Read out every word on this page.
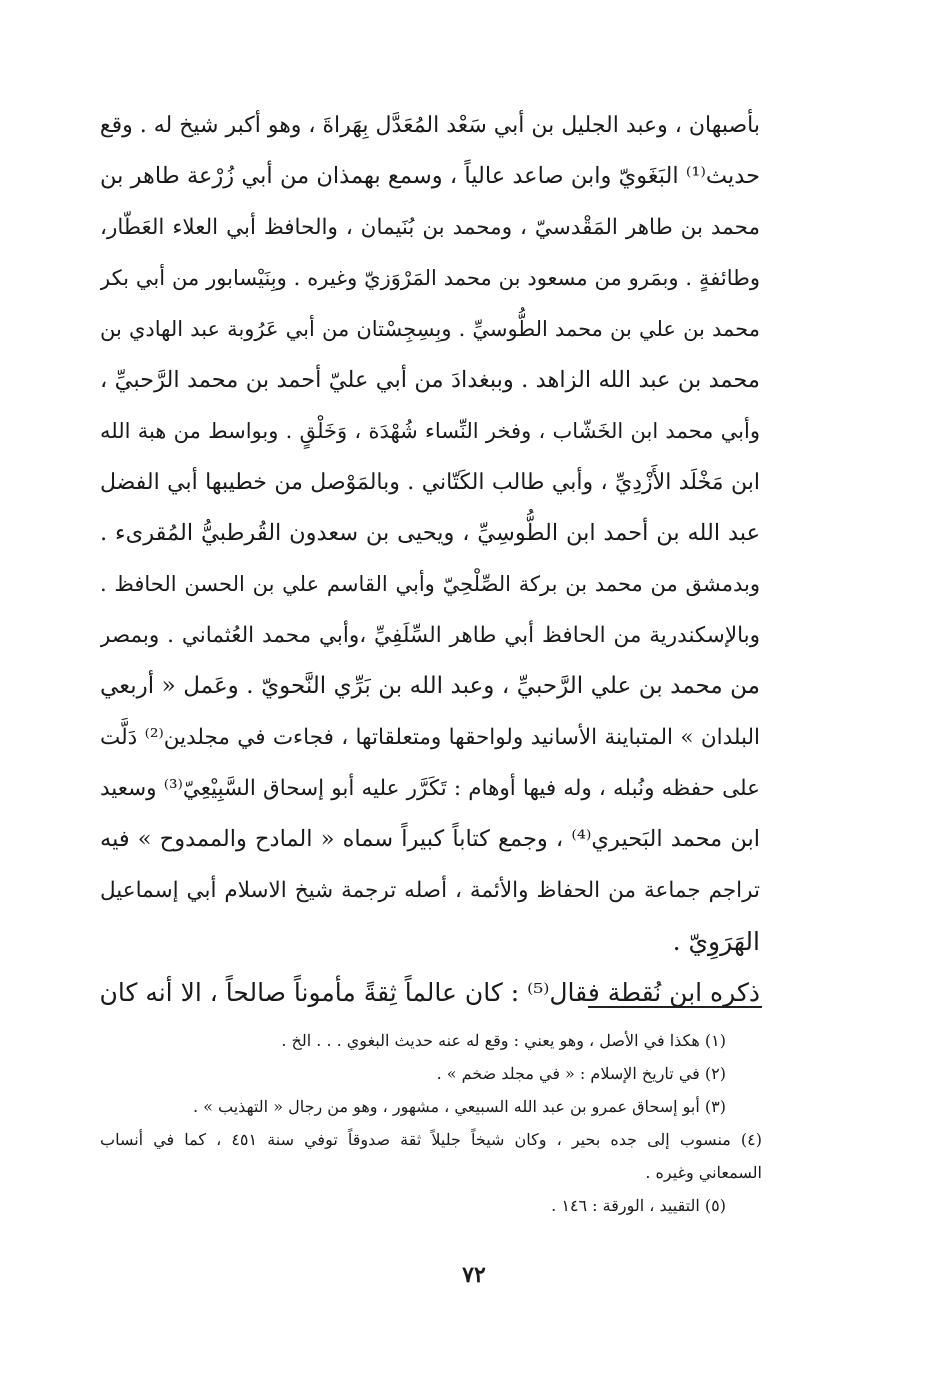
بأصبهان ، وعبد الجليل بن أبي سَعْد المُعَدَّل بِهَراةَ ، وهو أكبر شيخ له . وقع
حديث⁽¹⁾ البَغَويّ وابن صاعد عالياً ، وسمع بهمذان من أبي زُرْعة طاهر بن
محمد بن طاهر المَقْدسيّ ، ومحمد بن بُنَيمان ، والحافظ أبي العلاء العَطّار،
وطائفةٍ . وبمَرو من مسعود بن محمد المَرْوَزيّ وغيره . وبِنَيْسابور من أبي بكر
محمد بن علي بن محمد الطُّوسيِّ . وبِسِجِسْتان من أبي عَرُوبة عبد الهادي بن
محمد بن عبد الله الزاهد . وببغدادَ من أبي عليّ أحمد بن محمد الرَّحبيِّ ،
وأبي محمد ابن الخَشّاب ، وفخر النِّساء شُهْدَة ، وَخَلْقٍ . وبواسط من هبة الله
ابن مَخْلَد الأَزْدِيِّ ، وأبي طالب الكَتّاني . وبالمَوْصل من خطيبها أبي الفضل
عبد الله بن أحمد ابن الطُّوسِيِّ ، ويحيى بن سعدون القُرطبيُّ المُقرىء .
وبدمشق من محمد بن بركة الصِّلْحِيّ وأبي القاسم علي بن الحسن الحافظ .
وبالإسكندرية من الحافظ أبي طاهر السِّلَفِيِّ ،وأبي محمد العُثماني . وبمصر
من محمد بن علي الرَّحبيِّ ، وعبد الله بن بَرِّي النَّحويّ . وعَمل « أربعي
البلدان » المتباينة الأسانيد ولواحقها ومتعلقاتها ، فجاءت في مجلدين⁽²⁾ دَلَّت
على حفظه ونُبله ، وله فيها أوهام : تَكَرَّر عليه أبو إسحاق السَّبِيْعِيّ⁽³⁾ وسعيد
ابن محمد البَحيري⁽⁴⁾ ، وجمع كتاباً كبيراً سماه « المادح والممدوح » فيه
تراجم جماعة من الحفاظ والأئمة ، أصله ترجمة شيخ الاسلام أبي إسماعيل
الهَرَوِيّ .
ذكره ابن نُقطة فقال⁽⁵⁾ : كان عالماً ثِقةً مأموناً صالحاً ، الا أنه كان
(١) هكذا في الأصل ، وهو يعني : وقع له عنه حديث البغوي . . . الخ .
(٢) في تاريخ الإسلام : « في مجلد ضخم » .
(٣) أبو إسحاق عمرو بن عبد الله السبيعي ، مشهور ، وهو من رجال « التهذيب » .
(٤) منسوب إلى جده بحير ، وكان شيخاً جليلاً ثقة صدوقاً توفي سنة ٤٥١ ، كما في أنساب
السمعاني وغيره .
(٥) التقييد ، الورقة : ١٤٦ .
٧٢
